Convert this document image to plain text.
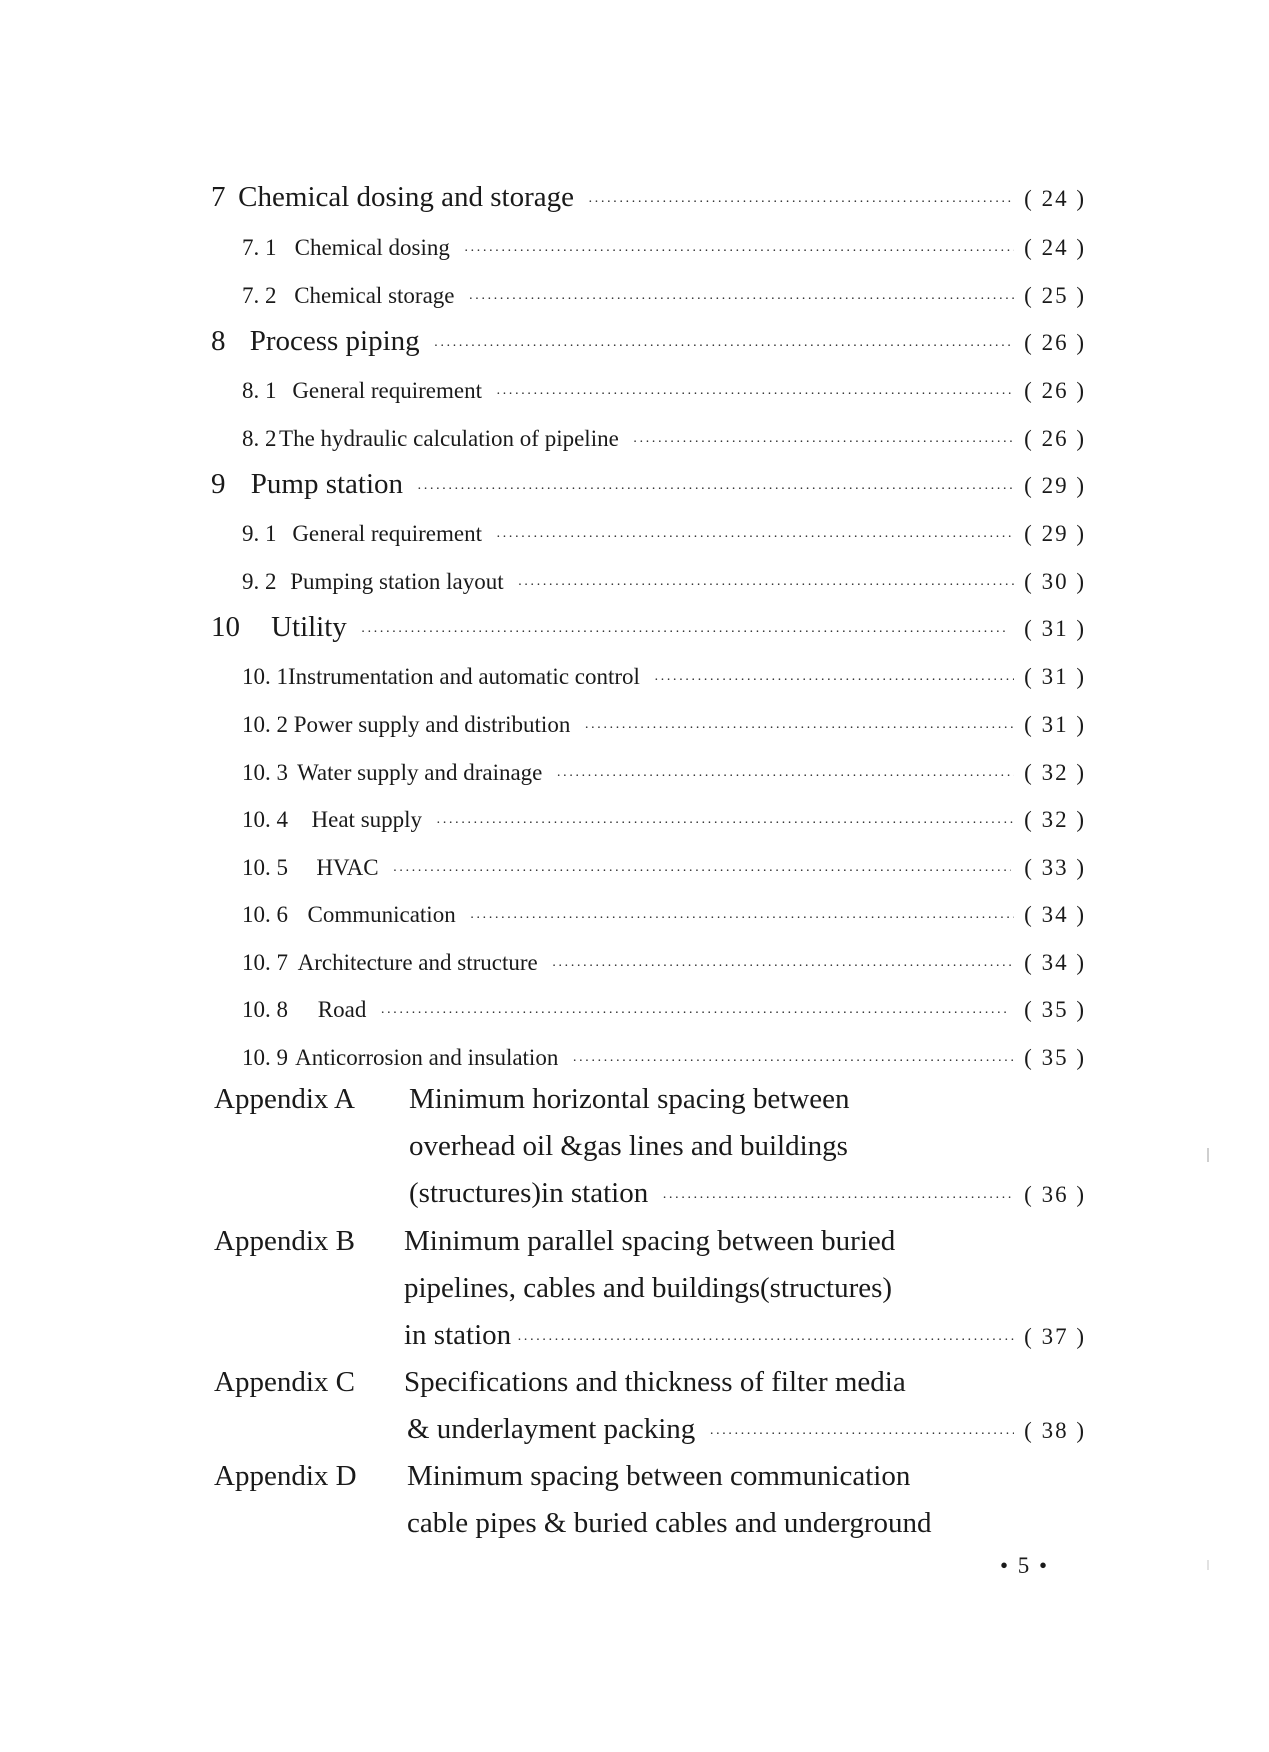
7 Chemical dosing and storage ·····	( 24 )
7. 1 Chemical dosing ·····	( 24 )
7. 2 Chemical storage ·····	( 25 )
8 Process piping ·····	( 26 )
8. 1 General requirement ·····	( 26 )
8. 2 The hydraulic calculation of pipeline ·····	( 26 )
9 Pump station ·····	( 29 )
9. 1 General requirement ·····	( 29 )
9. 2 Pumping station layout ·····	( 30 )
10	Utility ·····	( 31 )
10. 1 Instrumentation and automatic control ·····	( 31 )
10. 2 Power supply and distribution ·····	( 31 )
10. 3 Water supply and drainage ·····	( 32 )
10. 4	Heat supply ·····	( 32 )
10. 5	HVAC ·····	( 33 )
10. 6 Communication ·····	( 34 )
10. 7 Architecture and structure ·····	( 34 )
10. 8	Road ·····	( 35 )
10. 9 Anticorrosion and insulation ·····	( 35 )
Appendix A Minimum horizontal spacing between
overhead oil &gas lines and buildings
(structures)in station ·····	( 36 )
Appendix B Minimum parallel spacing between buried
pipelines, cables and buildings(structures)
in station ·····	( 37 )
Appendix C Specifications and thickness of filter media
& underlayment packing ·····	( 38 )
Appendix D Minimum spacing between communication
cable pipes & buried cables and underground
• 5 •
